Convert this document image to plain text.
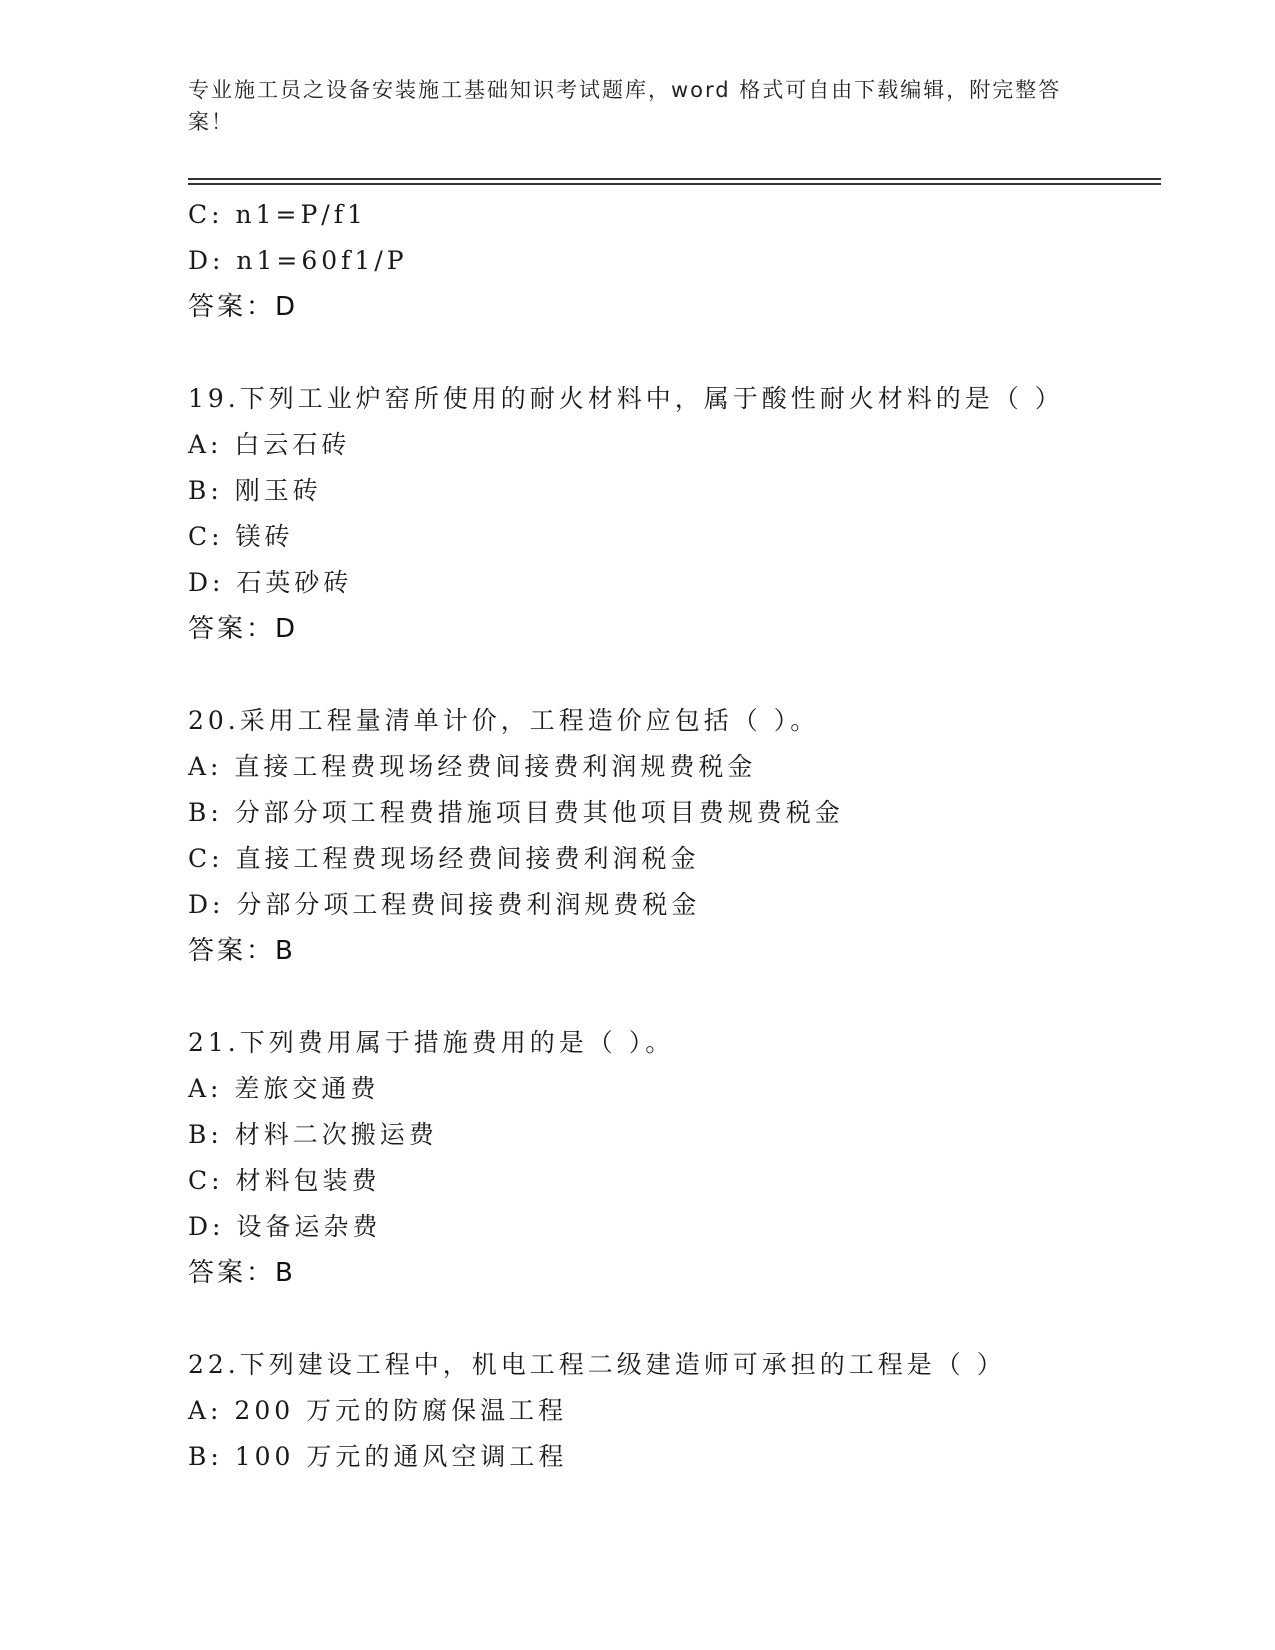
专业施工员之设备安装施工基础知识考试题库，word 格式可自由下载编辑，附完整答案！
C: n1=P/f1
D: n1=60f1/P
答案：D
19.下列工业炉窑所使用的耐火材料中，属于酸性耐火材料的是（ ）
A: 白云石砖
B: 刚玉砖
C: 镁砖
D: 石英砂砖
答案：D
20.采用工程量清单计价，工程造价应包括（ ）。
A: 直接工程费现场经费间接费利润规费税金
B: 分部分项工程费措施项目费其他项目费规费税金
C: 直接工程费现场经费间接费利润税金
D: 分部分项工程费间接费利润规费税金
答案：B
21.下列费用属于措施费用的是（ ）。
A: 差旅交通费
B: 材料二次搬运费
C: 材料包装费
D: 设备运杂费
答案：B
22.下列建设工程中，机电工程二级建造师可承担的工程是（ ）
A: 200 万元的防腐保温工程
B: 100 万元的通风空调工程
